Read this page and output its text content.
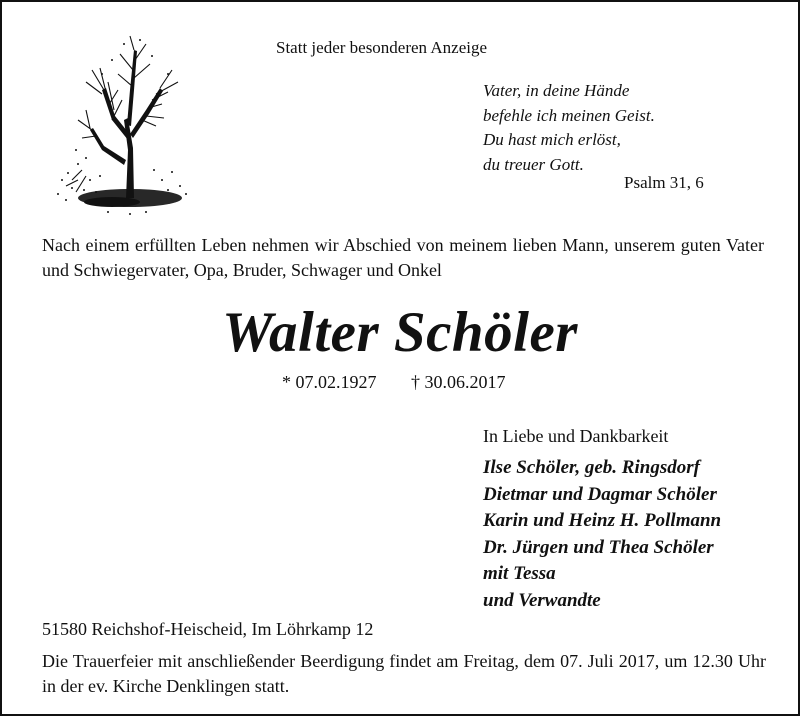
Statt jeder besonderen Anzeige
Vater, in deine Hände
befehle ich meinen Geist.
Du hast mich erlöst,
du treuer Gott.
Psalm 31, 6
Nach einem erfüllten Leben nehmen wir Abschied von meinem lieben Mann, unserem guten Vater und Schwiegervater, Opa, Bruder, Schwager und Onkel
Walter Schöler
* 07.02.1927 † 30.06.2017
In Liebe und Dankbarkeit
Ilse Schöler, geb. Ringsdorf
Dietmar und Dagmar Schöler
Karin und Heinz H. Pollmann
Dr. Jürgen und Thea Schöler
mit Tessa
und Verwandte
51580 Reichshof-Heischeid, Im Löhrkamp 12
Die Trauerfeier mit anschließender Beerdigung findet am Freitag, dem 07. Juli 2017, um 12.30 Uhr in der ev. Kirche Denklingen statt.
